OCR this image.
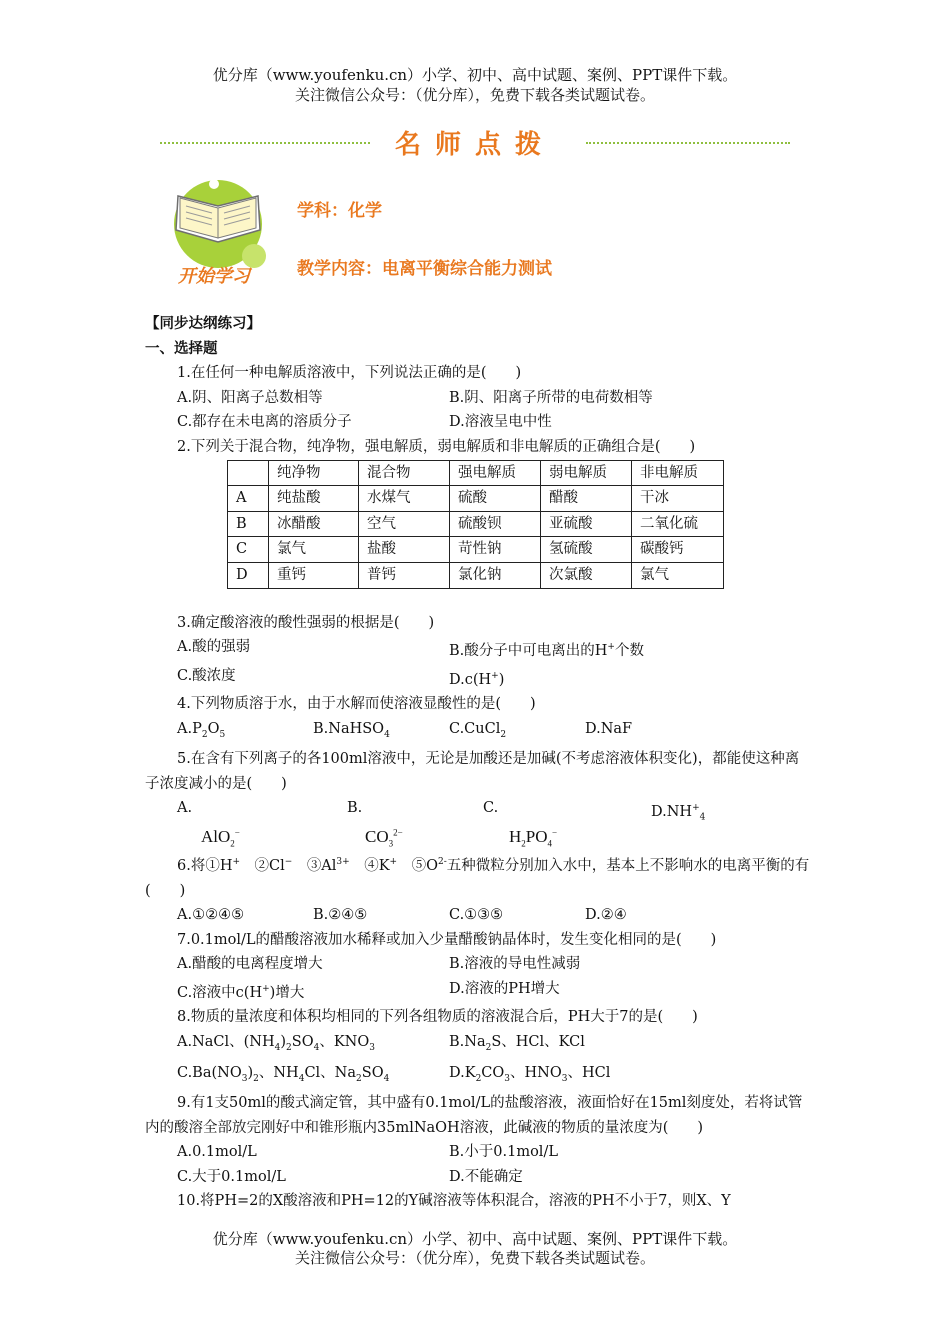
优分库（www.youfenku.cn）小学、初中、高中试题、案例、PPT课件下载。
关注微信公众号：（优分库），免费下载各类试题试卷。
名师点拨
开始学习
学科：化学
教学内容：电离平衡综合能力测试
【同步达纲练习】
一、选择题
1.在任何一种电解质溶液中，下列说法正确的是(　　)
A.阴、阳离子总数相等	B.阴、阳离子所带的电荷数相等
C.都存在未电离的溶质分子	D.溶液呈电中性
2.下列关于混合物，纯净物，强电解质，弱电解质和非电解质的正确组合是(　　)
	纯净物	混合物	强电解质	弱电解质	非电解质
A	纯盐酸	水煤气	硫酸	醋酸	干冰
B	冰醋酸	空气	硫酸钡	亚硫酸	二氧化硫
C	氯气	盐酸	苛性钠	氢硫酸	碳酸钙
D	重钙	普钙	氯化钠	次氯酸	氯气
3.确定酸溶液的酸性强弱的根据是(　　)
A.酸的强弱	B.酸分子中可电离出的H+个数
C.酸浓度	D.c(H+)
4.下列物质溶于水，由于水解而使溶液显酸性的是(　　)
$A.P_2O_5$	B.NaHSO$_4$	C.CuCl$_2$	D.NaF
5.在含有下列离子的各100ml溶液中，无论是加酸还是加碱(不考虑溶液体积变化)，都能使这种离子浓度减小的是(　　)
A.
AlO$_2$−
B.
$CO_3^{2-}$
C.
$H_2PO_4^-$
$D.NH^+_4$
6.将①H+　 ②Cl−　 $③Al^{3+}$　 ④K+　 $⑤O^{2-}$五种微粒分别加入水中，基本上不影响水的电离平衡的有(　　)
A.①②④⑤	B.②④⑤	C.①③⑤	D.②④
7.0.1mol/L的醋酸溶液加水稀释或加入少量醋酸钠晶体时，发生变化相同的是(　　)
A.醋酸的电离程度增大	B.溶液的导电性减弱
C.溶液中c(H+)增大	D.溶液的PH增大
8.物质的量浓度和体积均相同的下列各组物质的溶液混合后，PH大于7的是(　　)
A.NaCl、$(NH_4)_2SO_4$、$KNO_3$	$B.Na_2S$、HCl、KCl
$C.Ba(NO_3)_2$、$NH_4Cl$、$Na_2SO_4$	$D.K_2CO_3$、$HNO_3$、HCl
9.有1支50ml的酸式滴定管，其中盛有0.1mol/L的盐酸溶液，液面恰好在15ml刻度处，若将试管内的酸溶全部放完刚好中和锥形瓶内35mlNaOH溶液，此碱液的物质的量浓度为(　　)
A.0.1mol/L	B.小于0.1mol/L
C.大于0.1mol/L	D.不能确定
10.将PH=2的X酸溶液和PH=12的Y碱溶液等体积混合，溶液的PH不小于7，则X、Y
优分库（www.youfenku.cn）小学、初中、高中试题、案例、PPT课件下载。
关注微信公众号：（优分库），免费下载各类试题试卷。
